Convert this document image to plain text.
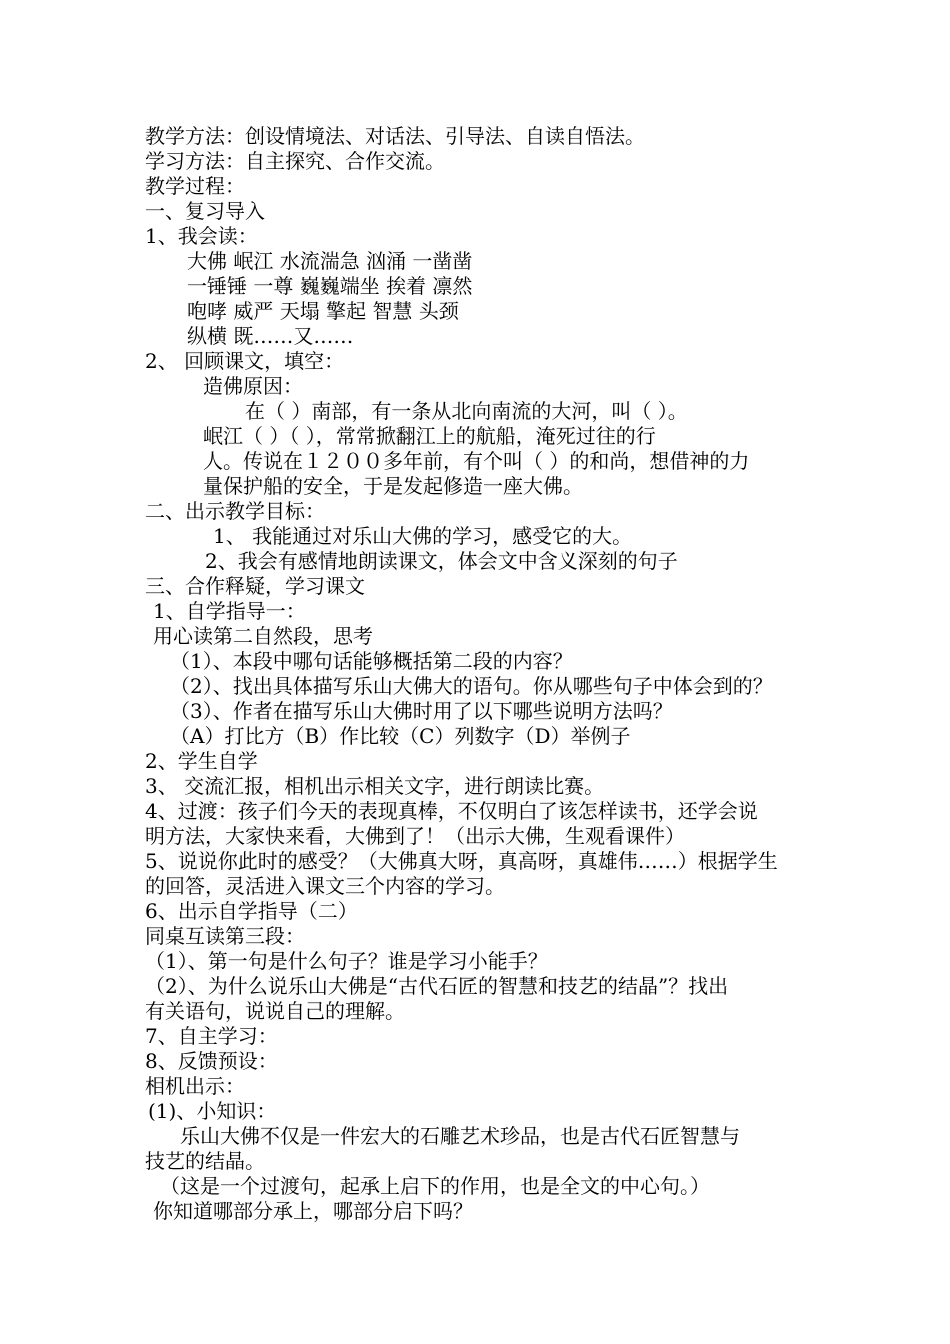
教学方法：创设情境法、对话法、引导法、自读自悟法。
学习方法：自主探究、合作交流。
教学过程：
一、复习导入
1、我会读：
大佛 岷江 水流湍急 汹涌 一凿凿
一锤锤 一尊 巍巍端坐 挨着 凛然
咆哮 威严 天塌 擎起 智慧 头颈
纵横 既……又……
2、 回顾课文，填空：
造佛原因：
在（ ）南部，有一条从北向南流的大河，叫（ ）。
岷江（ ）（ ），常常掀翻江上的航船，淹死过往的行
人。传说在１２００多年前，有个叫（ ）的和尚，想借神的力
量保护船的安全，于是发起修造一座大佛。
二、出示教学目标：
1、 我能通过对乐山大佛的学习，感受它的大。
2、我会有感情地朗读课文，体会文中含义深刻的句子
三、合作释疑，学习课文
1、自学指导一：
用心读第二自然段，思考
（1）、本段中哪句话能够概括第二段的内容？
（2）、找出具体描写乐山大佛大的语句。你从哪些句子中体会到的？
（3）、作者在描写乐山大佛时用了以下哪些说明方法吗？
（A）打比方（B）作比较（C）列数字（D）举例子
2、学生自学
3、 交流汇报，相机出示相关文字，进行朗读比赛。
4、过渡：孩子们今天的表现真棒，不仅明白了该怎样读书，还学会说
明方法，大家快来看，大佛到了！（出示大佛，生观看课件）
5、说说你此时的感受？（大佛真大呀，真高呀，真雄伟……）根据学生
的回答，灵活进入课文三个内容的学习。
6、出示自学指导（二）
同桌互读第三段：
（1）、第一句是什么句子？谁是学习小能手？
（2）、为什么说乐山大佛是“古代石匠的智慧和技艺的结晶”？找出
有关语句，说说自己的理解。
7、自主学习：
8、反馈预设：
相机出示：
(1)、小知识：
乐山大佛不仅是一件宏大的石雕艺术珍品，也是古代石匠智慧与
技艺的结晶。
（这是一个过渡句，起承上启下的作用，也是全文的中心句。）
你知道哪部分承上，哪部分启下吗？
